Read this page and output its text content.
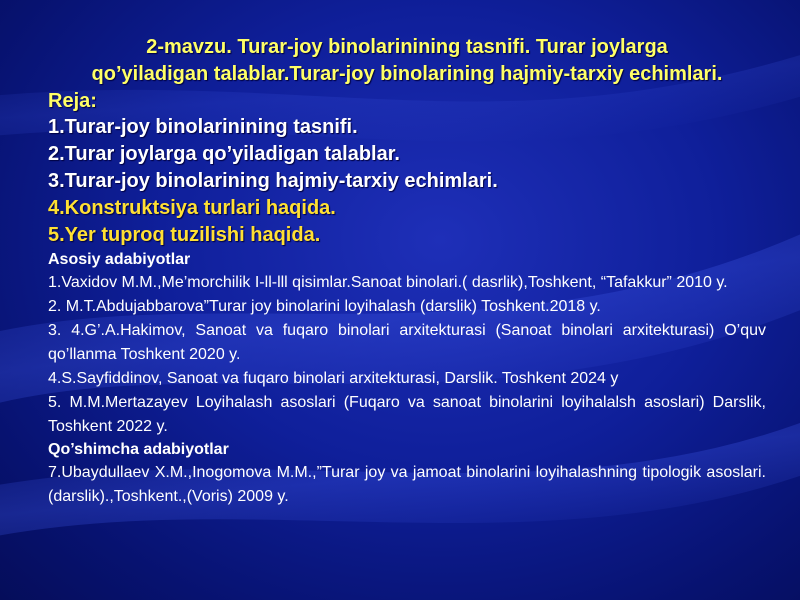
2-mavzu. Turar-joy binolarinining tasnifi. Turar joylarga
qo’yiladigan talablar.Turar-joy binolarining hajmiy-tarxiy echimlari.

Reja:

1.Turar-joy binolarinining tasnifi.
2.Turar joylarga qo’yiladigan talablar.
3.Turar-joy binolarining hajmiy-tarxiy echimlari.
4.Konstruktsiya turlari haqida.
5.Yer tuproq tuzilishi haqida.

Asosiy adabiyotlar

1.Vaxidov M.M.,Me’morchilik I-ll-lll qisimlar.Sanoat binolari.( dasrlik),Toshkent, “Tafakkur” 2010 y.
2. M.T.Abdujabbarova”Turar joy binolarini loyihalash (darslik) Toshkent.2018 y.
3. 4.G’.A.Hakimov, Sanoat va fuqaro binolari arxitekturasi (Sanoat binolari arxitekturasi) O’quv qo’llanma Toshkent 2020 y.
4.S.Sayfiddinov, Sanoat va fuqaro binolari arxitekturasi, Darslik. Toshkent 2024 y
5. M.M.Mertazayev Loyihalash asoslari (Fuqaro va sanoat binolarini loyihalalsh asoslari) Darslik, Toshkent 2022 y.

Qo’shimcha adabiyotlar

7.Ubaydullaev X.M.,Inogomova M.M.,”Turar joy va jamoat binolarini loyihalashning tipologik asoslari.(darslik).,Toshkent.,(Voris) 2009 y.
